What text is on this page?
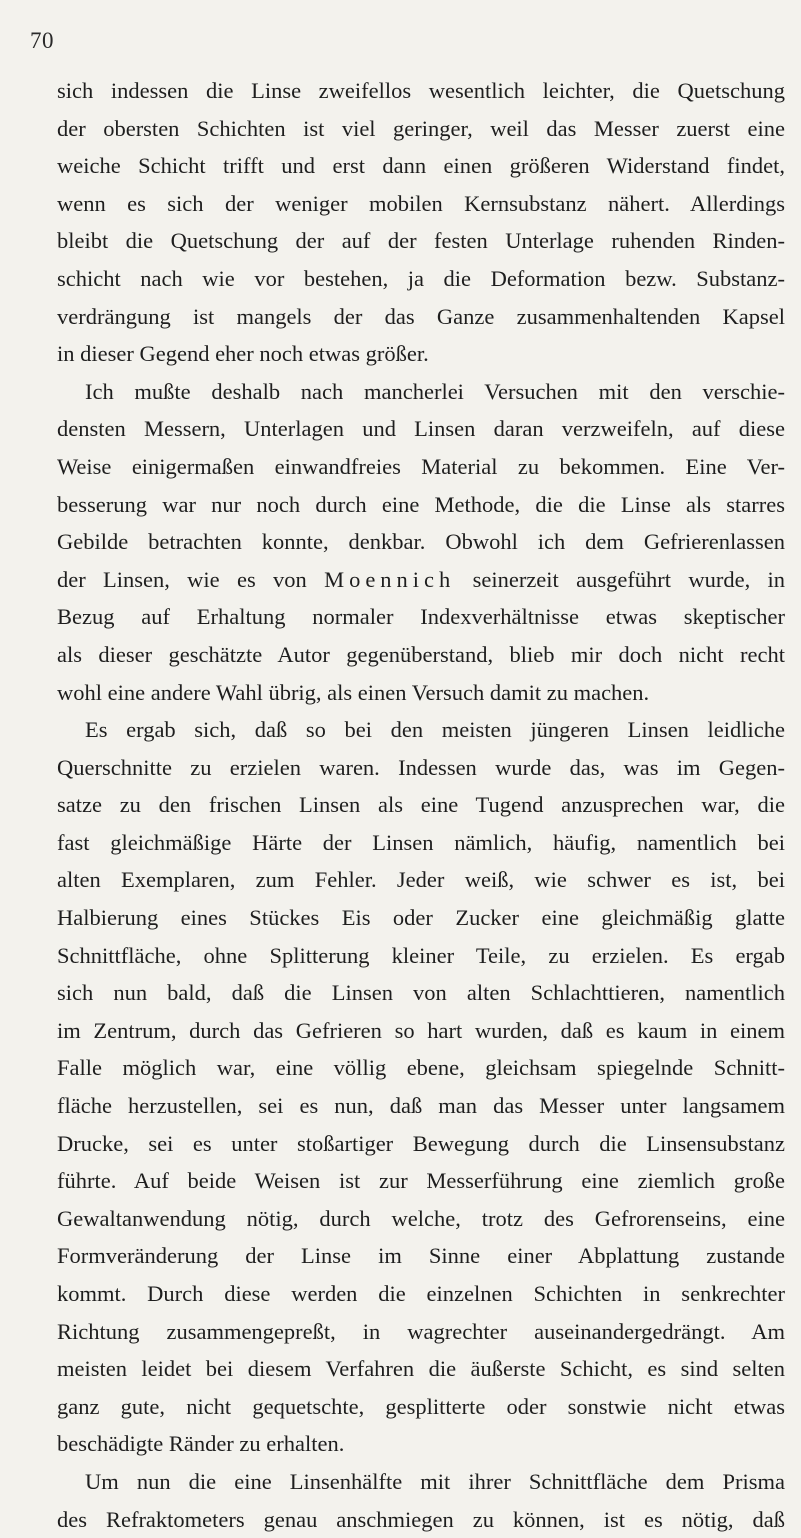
70
sich indessen die Linse zweifellos wesentlich leichter, die Quetschung
der obersten Schichten ist viel geringer, weil das Messer zuerst eine
weiche Schicht trifft und erst dann einen größeren Widerstand findet,
wenn es sich der weniger mobilen Kernsubstanz nähert. Allerdings
bleibt die Quetschung der auf der festen Unterlage ruhenden Rinden-
schicht nach wie vor bestehen, ja die Deformation bezw. Substanz-
verdrängung ist mangels der das Ganze zusammenhaltenden Kapsel
in dieser Gegend eher noch etwas größer.
Ich mußte deshalb nach mancherlei Versuchen mit den verschie-
densten Messern, Unterlagen und Linsen daran verzweifeln, auf diese
Weise einigermaßen einwandfreies Material zu bekommen. Eine Ver-
besserung war nur noch durch eine Methode, die die Linse als starres
Gebilde betrachten konnte, denkbar. Obwohl ich dem Gefrierenlassen
der Linsen, wie es von Moennich seinerzeit ausgeführt wurde, in
Bezug auf Erhaltung normaler Indexverhältnisse etwas skeptischer
als dieser geschätzte Autor gegenüberstand, blieb mir doch nicht recht
wohl eine andere Wahl übrig, als einen Versuch damit zu machen.
Es ergab sich, daß so bei den meisten jüngeren Linsen leidliche
Querschnitte zu erzielen waren. Indessen wurde das, was im Gegen-
satze zu den frischen Linsen als eine Tugend anzusprechen war, die
fast gleichmäßige Härte der Linsen nämlich, häufig, namentlich bei
alten Exemplaren, zum Fehler. Jeder weiß, wie schwer es ist, bei
Halbierung eines Stückes Eis oder Zucker eine gleichmäßig glatte
Schnittfläche, ohne Splitterung kleiner Teile, zu erzielen. Es ergab
sich nun bald, daß die Linsen von alten Schlachttieren, namentlich
im Zentrum, durch das Gefrieren so hart wurden, daß es kaum in einem
Falle möglich war, eine völlig ebene, gleichsam spiegelnde Schnitt-
fläche herzustellen, sei es nun, daß man das Messer unter langsamem
Drucke, sei es unter stoßartiger Bewegung durch die Linsensubstanz
führte. Auf beide Weisen ist zur Messerführung eine ziemlich große
Gewaltanwendung nötig, durch welche, trotz des Gefrorenseins, eine
Formveränderung der Linse im Sinne einer Abplattung zustande
kommt. Durch diese werden die einzelnen Schichten in senkrechter
Richtung zusammengepreßt, in wagrechter auseinandergedrängt. Am
meisten leidet bei diesem Verfahren die äußerste Schicht, es sind selten
ganz gute, nicht gequetschte, gesplitterte oder sonstwie nicht etwas
beschädigte Ränder zu erhalten.
Um nun die eine Linsenhälfte mit ihrer Schnittfläche dem Prisma
des Refraktometers genau anschmiegen zu können, ist es nötig, daß
